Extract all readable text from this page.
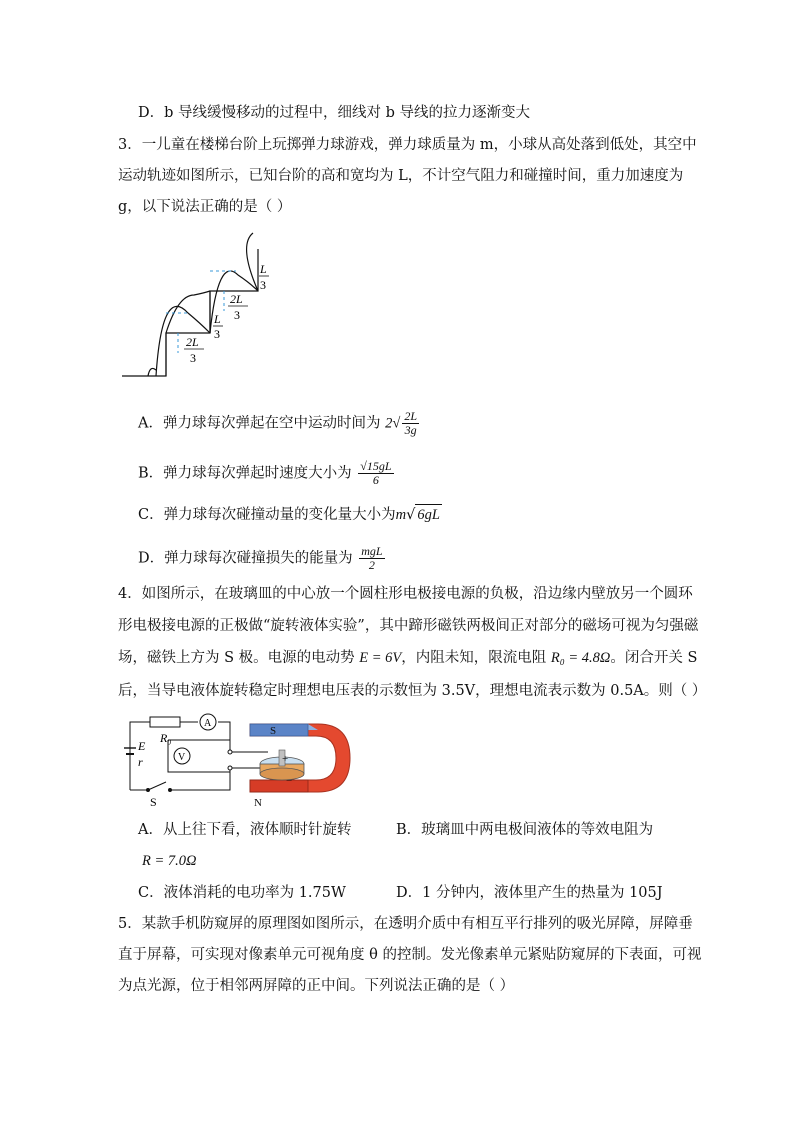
D．b 导线缓慢移动的过程中，细线对 b 导线的拉力逐渐变大
3．一儿童在楼梯台阶上玩掷弹力球游戏，弹力球质量为 m，小球从高处落到低处，其空中
运动轨迹如图所示，已知台阶的高和宽均为 L，不计空气阻力和碰撞时间，重力加速度为
g，以下说法正确的是（ ）
2L
3
L
3
2L
3
L
3
A．弹力球每次弹起在空中运动时间为 $2√ \frac{2L}{3g}$
B．弹力球每次弹起时速度大小为 $\frac{√15gL}{6}$
C．弹力球每次碰撞动量的变化量大小为m√ 6gL
D．弹力球每次碰撞损失的能量为 $\frac{\text{mgL}}{2}$
4．如图所示，在玻璃皿的中心放一个圆柱形电极接电源的负极，沿边缘内壁放另一个圆环
形电极接电源的正极做“旋转液体实验”，其中蹄形磁铁两极间正对部分的磁场可视为匀强磁
场，磁铁上方为 S 极。电源的电动势 E = 6V，内阻未知，限流电阻 R₀ = 4.8Ω。闭合开关 S
后，当导电液体旋转稳定时理想电压表的示数恒为 3.5V，理想电流表示数为 0.5A。则（ ）
E
r
R₀
A
V
S
S
N
+
−
A．从上往下看，液体顺时针旋转	B．玻璃皿中两电极间液体的等效电阻为
R = 7.0Ω
C．液体消耗的电功率为 1.75W	D．1 分钟内，液体里产生的热量为 105J
5．某款手机防窥屏的原理图如图所示，在透明介质中有相互平行排列的吸光屏障，屏障垂
直于屏幕，可实现对像素单元可视角度 θ 的控制。发光像素单元紧贴防窥屏的下表面，可视
为点光源，位于相邻两屏障的正中间。下列说法正确的是（ ）
